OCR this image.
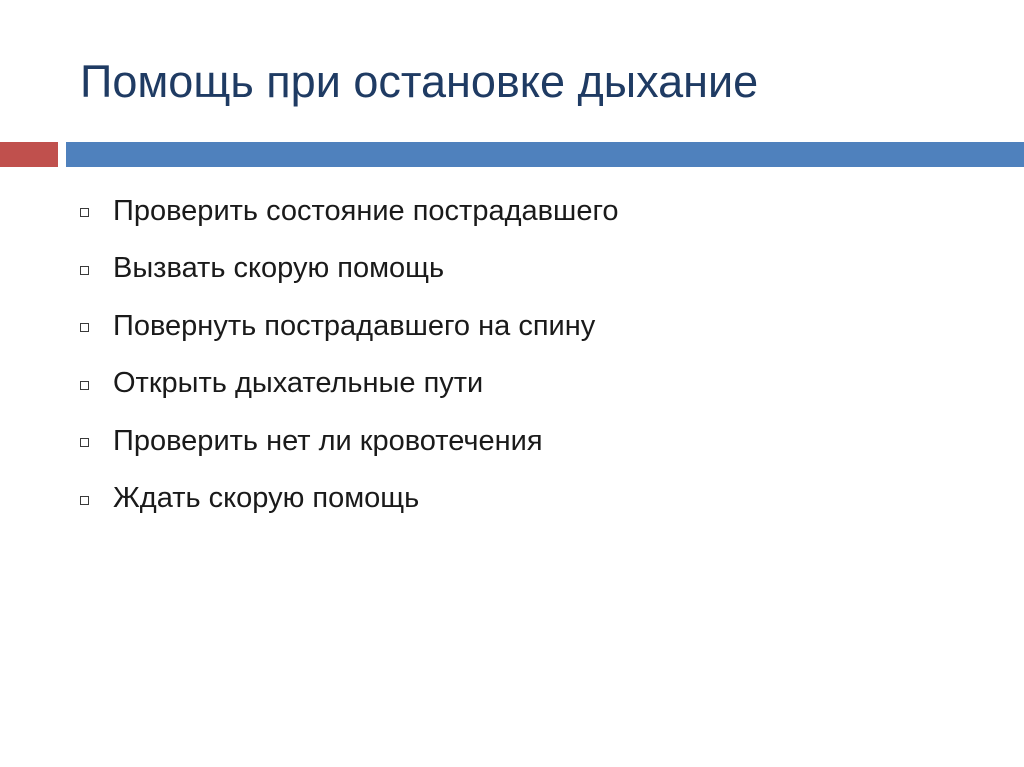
Помощь при остановке дыхание
Проверить состояние пострадавшего
Вызвать скорую помощь
Повернуть пострадавшего на спину
Открыть дыхательные пути
Проверить нет ли кровотечения
Ждать скорую помощь
